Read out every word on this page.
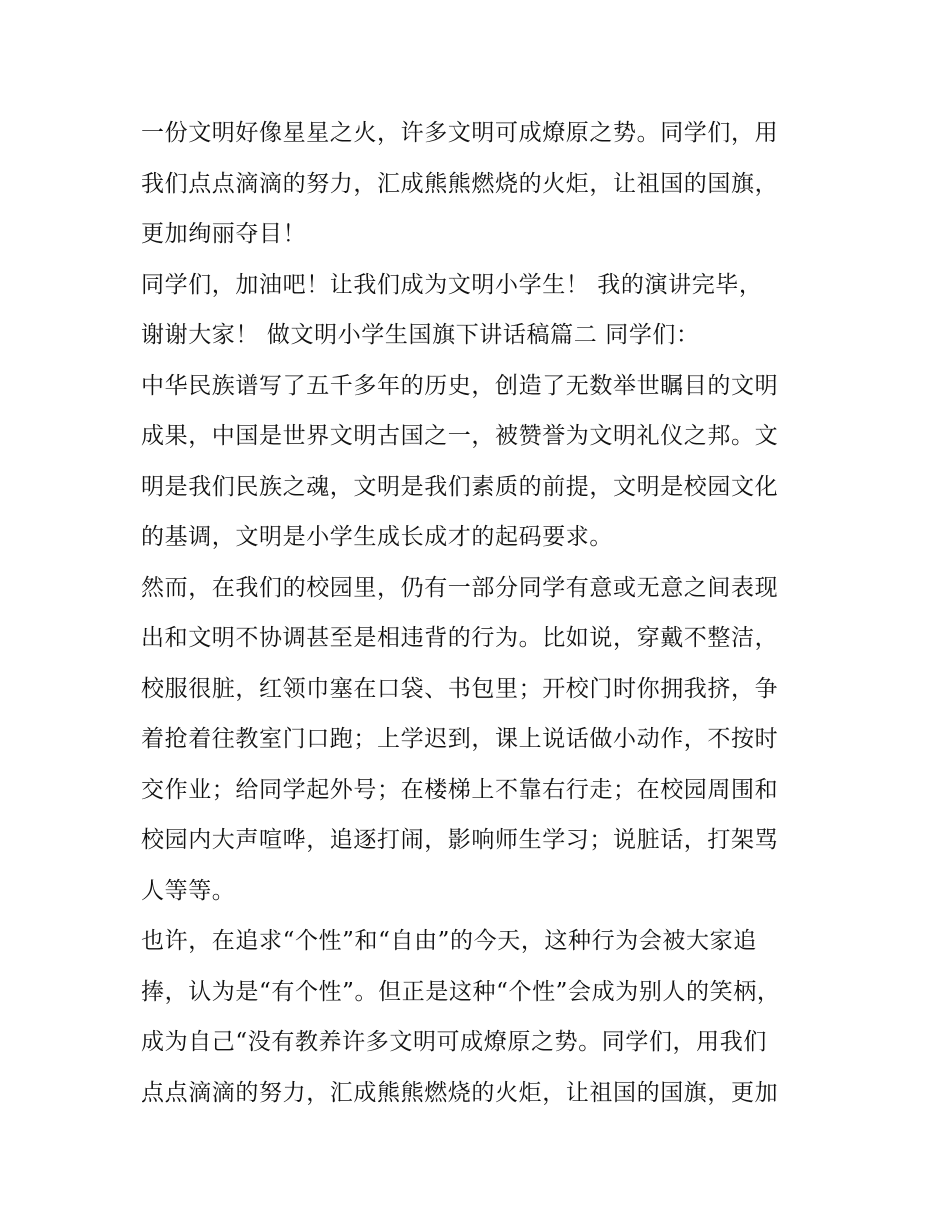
一份文明好像星星之火，许多文明可成燎原之势。同学们，用
我们点点滴滴的努力，汇成熊熊燃烧的火炬，让祖国的国旗，
更加绚丽夺目！
同学们，加油吧！让我们成为文明小学生！ 我的演讲完毕，
谢谢大家！ 做文明小学生国旗下讲话稿篇二 同学们：
中华民族谱写了五千多年的历史，创造了无数举世瞩目的文明
成果，中国是世界文明古国之一，被赞誉为文明礼仪之邦。文
明是我们民族之魂，文明是我们素质的前提，文明是校园文化
的基调，文明是小学生成长成才的起码要求。
然而，在我们的校园里，仍有一部分同学有意或无意之间表现
出和文明不协调甚至是相违背的行为。比如说，穿戴不整洁，
校服很脏，红领巾塞在口袋、书包里；开校门时你拥我挤，争
着抢着往教室门口跑；上学迟到，课上说话做小动作，不按时
交作业；给同学起外号；在楼梯上不靠右行走；在校园周围和
校园内大声喧哗，追逐打闹，影响师生学习；说脏话，打架骂
人等等。
也许，在追求“个性”和“自由”的今天，这种行为会被大家追
捧，认为是“有个性”。但正是这种“个性”会成为别人的笑柄，
成为自己“没有教养许多文明可成燎原之势。同学们，用我们
点点滴滴的努力，汇成熊熊燃烧的火炬，让祖国的国旗，更加
